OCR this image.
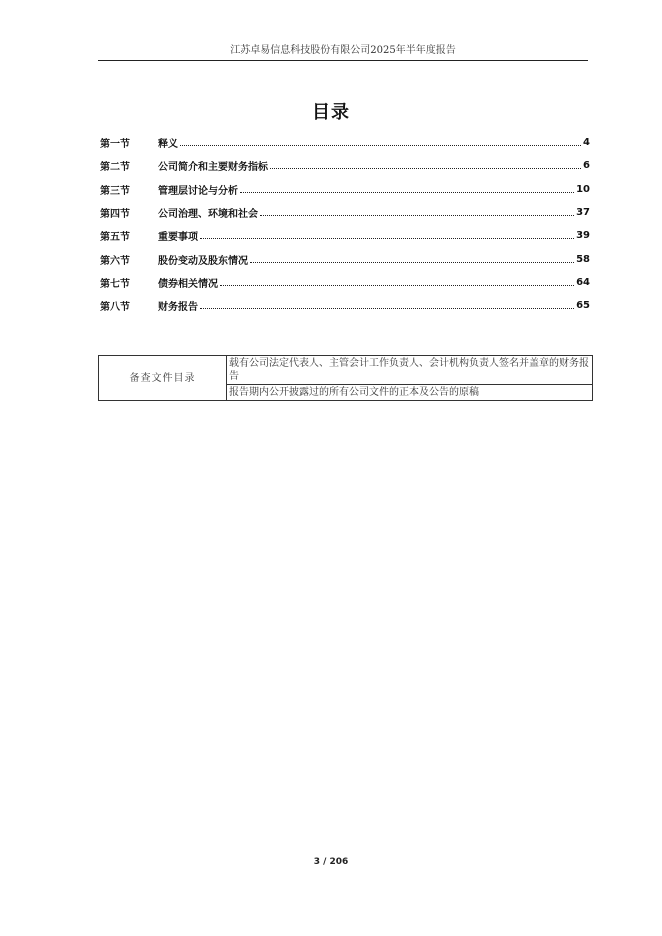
江苏卓易信息科技股份有限公司2025年半年度报告
目录
第一节	释义	4
第二节	公司简介和主要财务指标	6
第三节	管理层讨论与分析	10
第四节	公司治理、环境和社会	37
第五节	重要事项	39
第六节	股份变动及股东情况	58
第七节	债券相关情况	64
第八节	财务报告	65
备查文件目录	载有公司法定代表人、主管会计工作负责人、会计机构负责人签名并盖章的财务报告
报告期内公开披露过的所有公司文件的正本及公告的原稿
3 / 206
